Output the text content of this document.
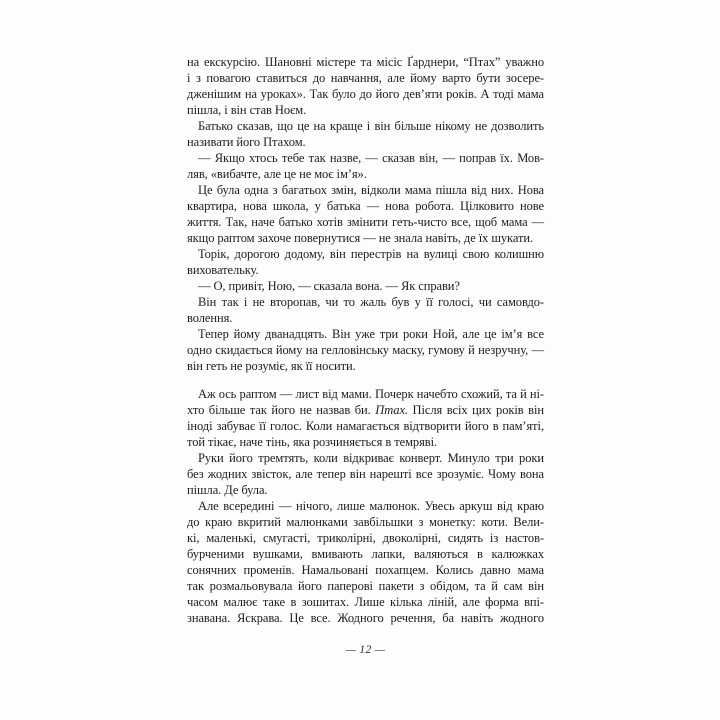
на екскурсію. Шановні містере та місіс Ґарднери, “Птах” уважно
і з повагою ставиться до навчання, але йому варто бути зосере-
дженішим на уроках». Так було до його дев’яти років. А тоді мама
пішла, і він став Ноєм.
Батько сказав, що це на краще і він більше нікому не дозволить
називати його Птахом.
— Якщо хтось тебе так назве, — сказав він, — поправ їх. Мов-
ляв, «вибачте, але це не моє ім’я».
Це була одна з багатьох змін, відколи мама пішла від них. Нова
квартира, нова школа, у батька — нова робота. Цілковито нове
життя. Так, наче батько хотів змінити геть-чисто все, щоб мама —
якщо раптом захоче повернутися — не знала навіть, де їх шукати.
Торік, дорогою додому, він перестрів на вулиці свою колишню
виховательку.
— О, привіт, Ною, — сказала вона. — Як справи?
Він так і не второпав, чи то жаль був у її голосі, чи самовдо-
волення.
Тепер йому дванадцять. Він уже три роки Ной, але це ім’я все
одно скидається йому на гелловінську маску, гумову й незручну, —
він геть не розуміє, як її носити.
Аж ось раптом — лист від мами. Почерк начебто схожий, та й ні-
хто більше так його не назвав би. Птах. Після всіх цих років він
іноді забуває її голос. Коли намагається відтворити його в пам’яті,
той тікає, наче тінь, яка розчиняється в темряві.
Руки його тремтять, коли відкриває конверт. Минуло три роки
без жодних звісток, але тепер він нарешті все зрозуміє. Чому вона
пішла. Де була.
Але всередині — нічого, лише малюнок. Увесь аркуш від краю
до краю вкритий малюнками завбільшки з монетку: коти. Вели-
кі, маленькі, смугасті, триколірні, двоколірні, сидять із настов-
бурченими вушками, вмивають лапки, валяються в калюжках
сонячних променів. Намальовані похапцем. Колись давно мама
так розмальовувала його паперові пакети з обідом, та й сам він
часом малює таке в зошитах. Лише кілька ліній, але форма впі-
знавана. Яскрава. Це все. Жодного речення, ба навіть жодного
— 12 —
